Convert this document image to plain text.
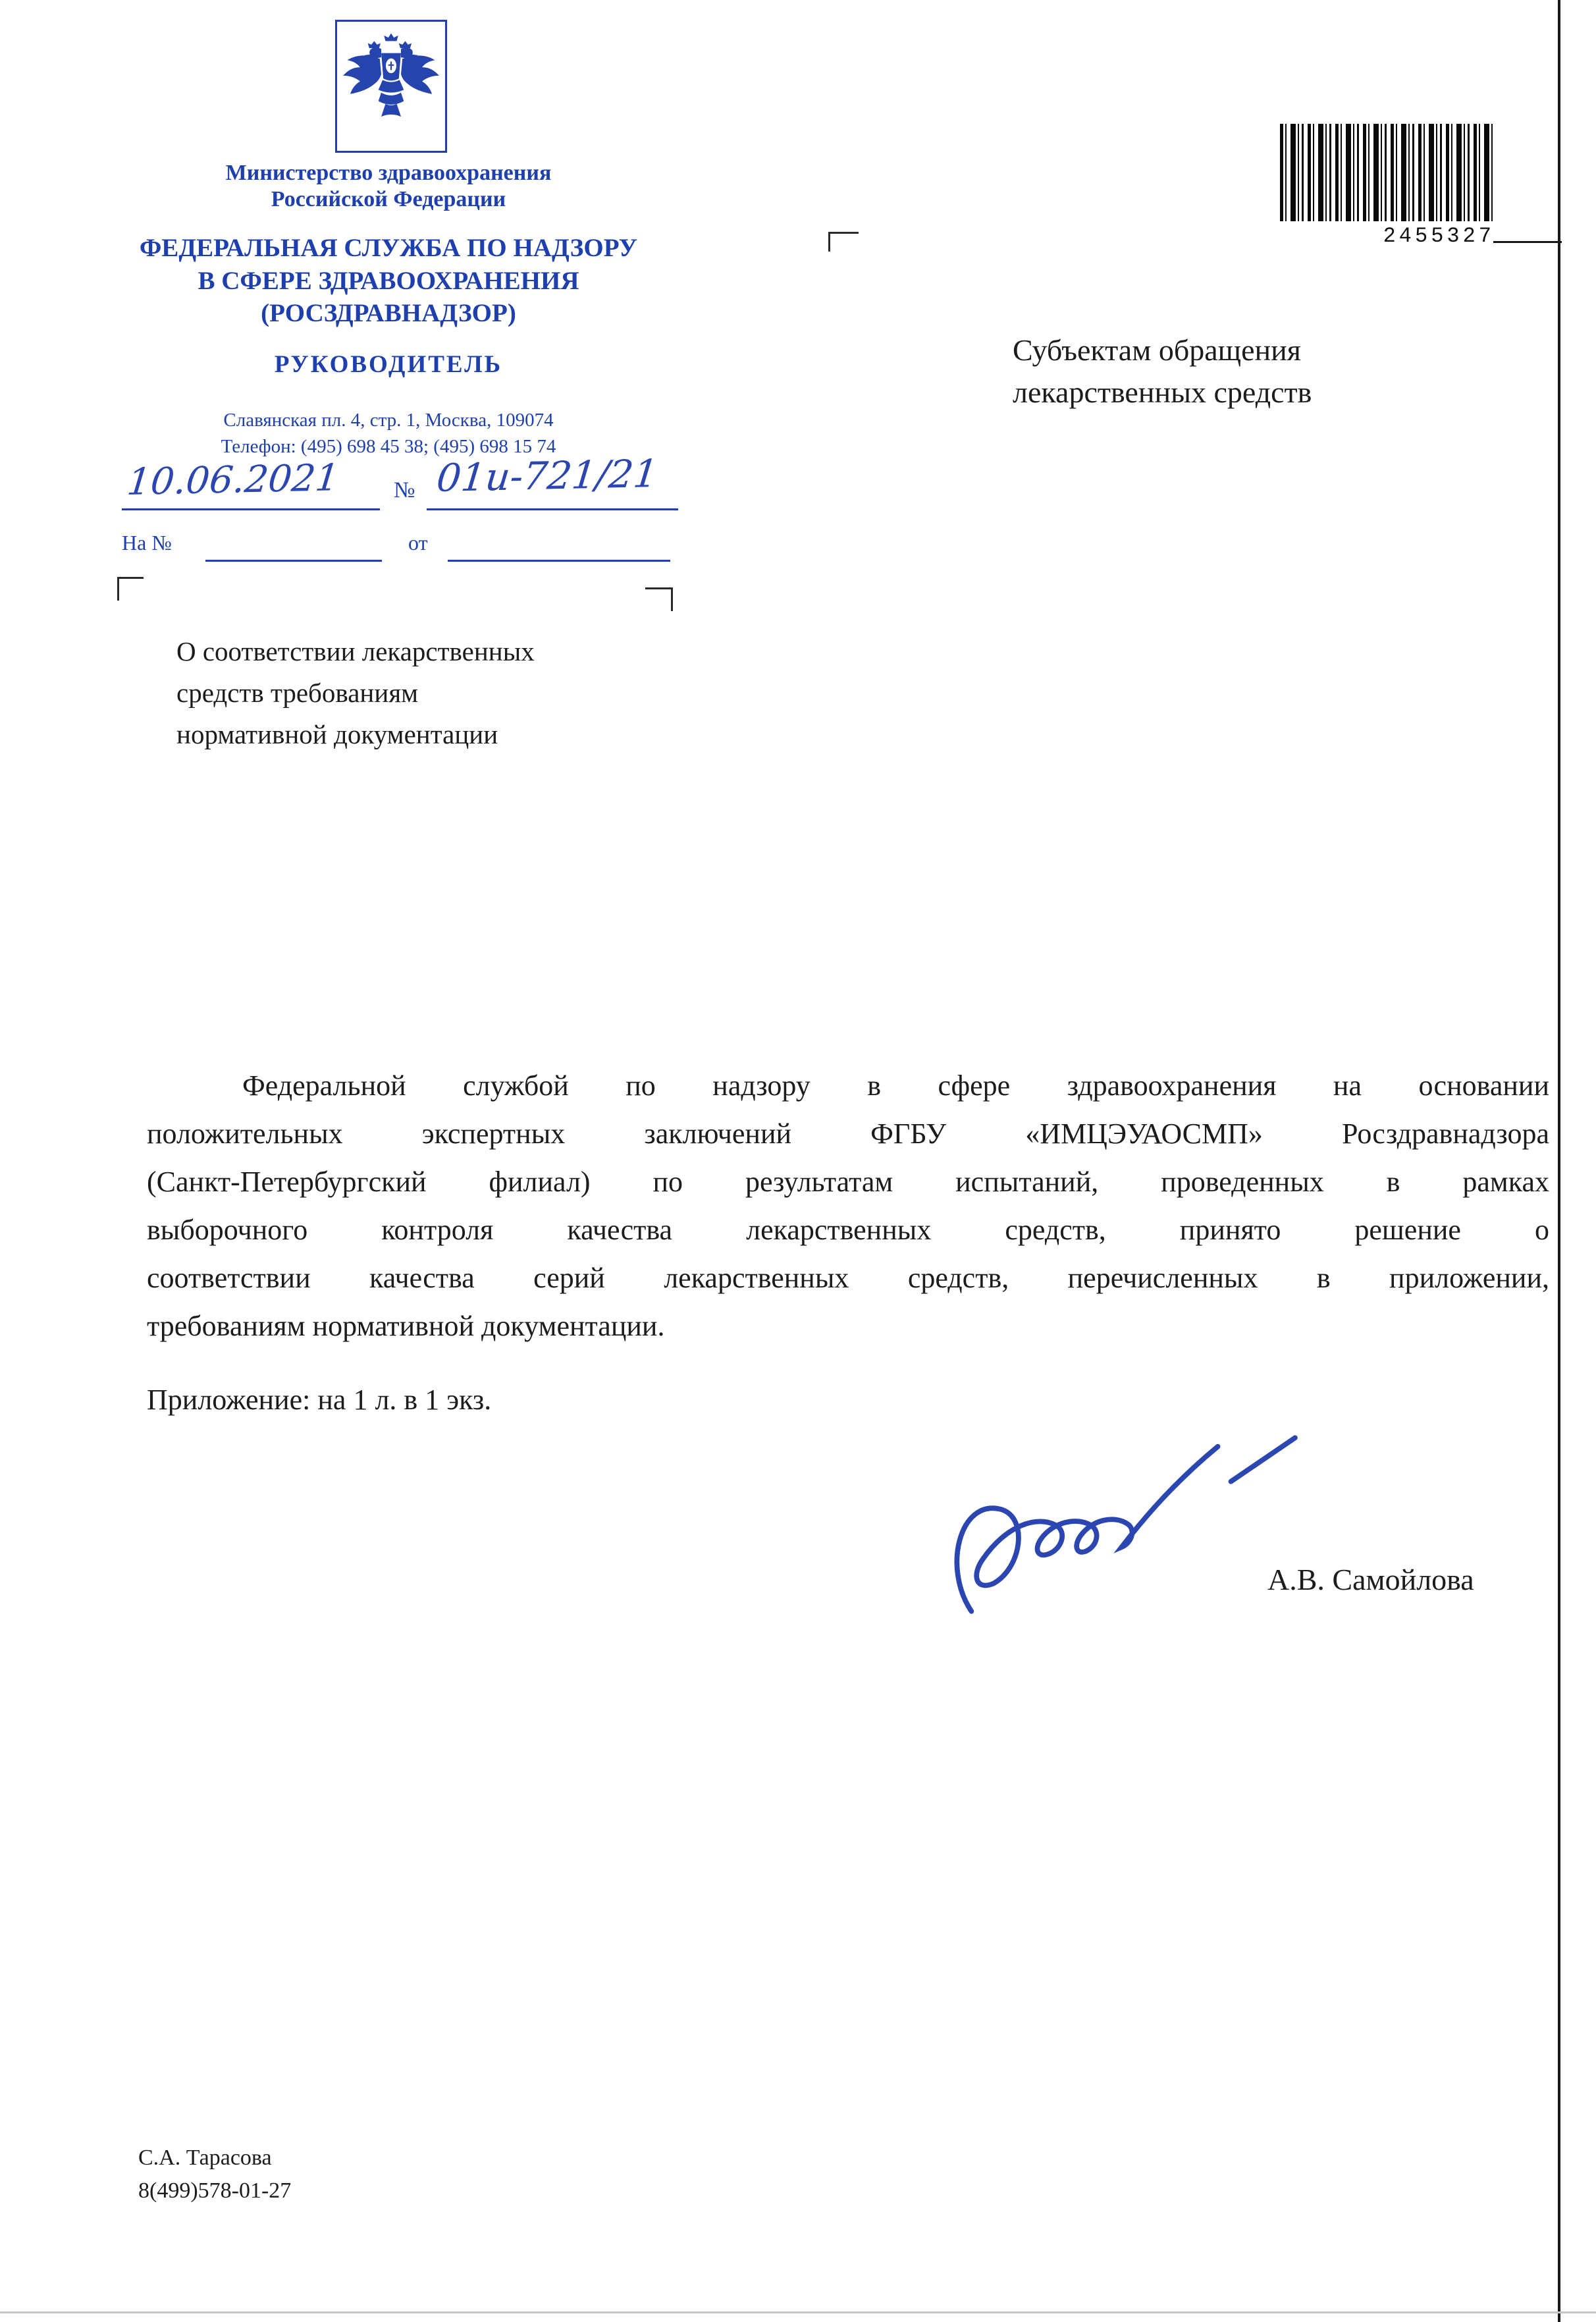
Министерство здравоохранения
Российской Федерации
ФЕДЕРАЛЬНАЯ СЛУЖБА ПО НАДЗОРУ
В СФЕРЕ ЗДРАВООХРАНЕНИЯ
(РОСЗДРАВНАДЗОР)
РУКОВОДИТЕЛЬ
Славянская пл. 4, стр. 1, Москва, 109074
Телефон: (495) 698 45 38; (495) 698 15 74
10.06.2021 № 01и-721/21
На №	от
2455327
Субъектам обращения
лекарственных средств
О соответствии лекарственных
средств требованиям
нормативной документации
Федеральной службой по надзору в сфере здравоохранения на основании
положительных экспертных заключений ФГБУ «ИМЦЭУАОСМП» Росздравнадзора
(Санкт-Петербургский филиал) по результатам испытаний, проведенных в рамках
выборочного контроля качества лекарственных средств, принято решение о
соответствии качества серий лекарственных средств, перечисленных в приложении,
требованиям нормативной документации.
Приложение: на 1 л. в 1 экз.
А.В. Самойлова
С.А. Тарасова
8(499)578-01-27
